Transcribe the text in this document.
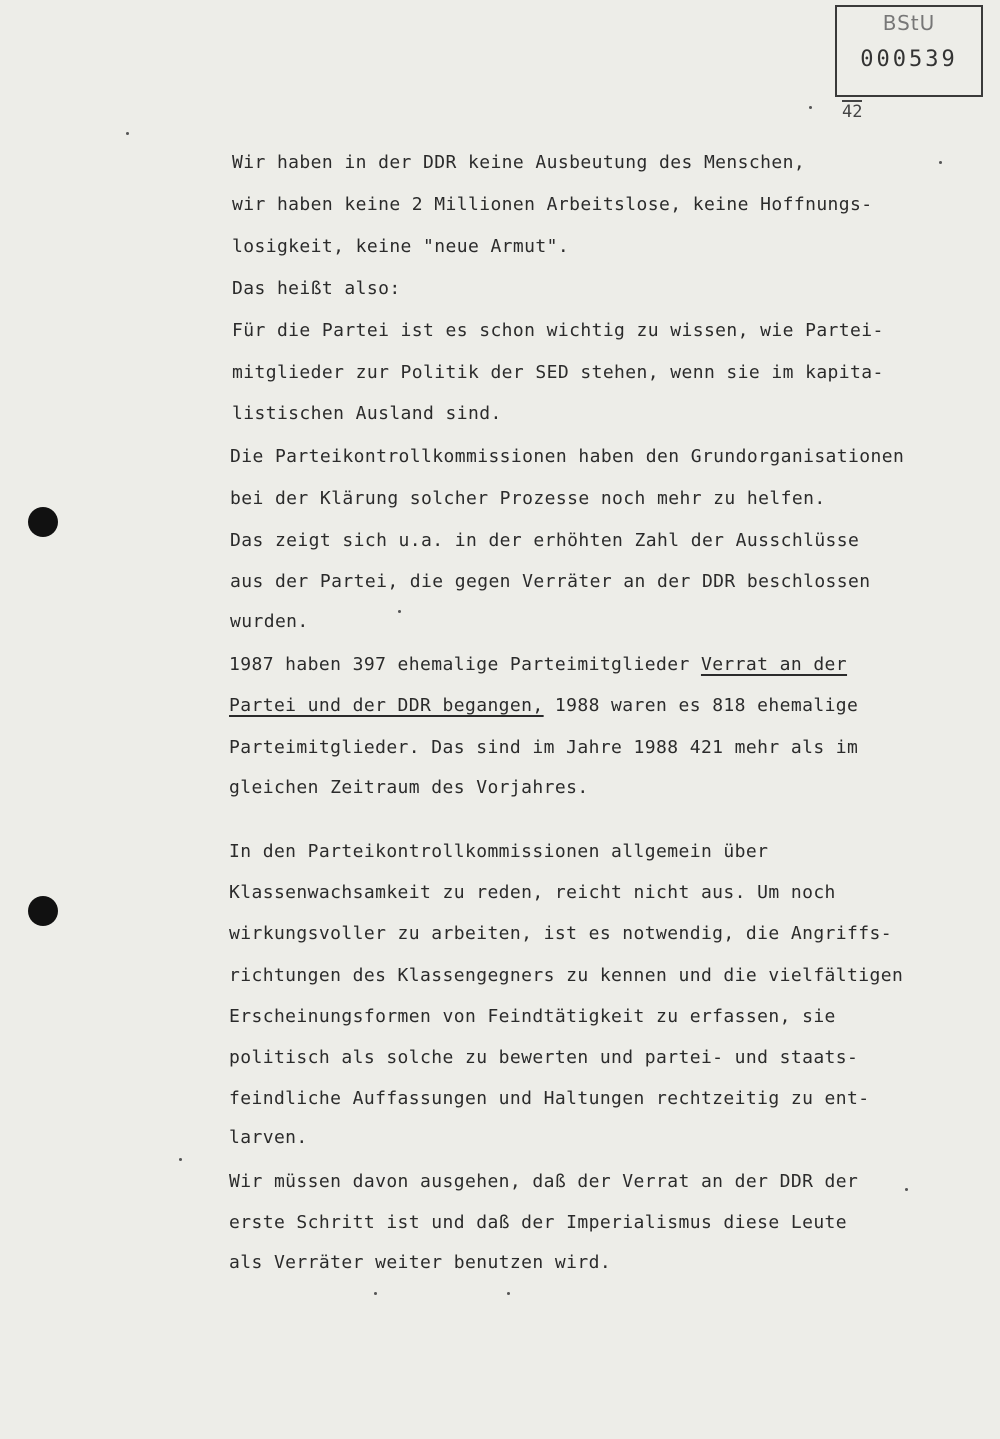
BStU
000539
42
Wir haben in der DDR keine Ausbeutung des Menschen,
wir haben keine 2 Millionen Arbeitslose, keine Hoffnungs-
losigkeit, keine "neue Armut".
Das heißt also:
Für die Partei ist es schon wichtig zu wissen, wie Partei-
mitglieder zur Politik der SED stehen, wenn sie im kapita-
listischen Ausland sind.
Die Parteikontrollkommissionen haben den Grundorganisationen
bei der Klärung solcher Prozesse noch mehr zu helfen.
Das zeigt sich u.a. in der erhöhten Zahl der Ausschlüsse
aus der Partei, die gegen Verräter an der DDR beschlossen
wurden.
1987 haben 397 ehemalige Parteimitglieder Verrat an der
Partei und der DDR begangen, 1988 waren es 818 ehemalige
Parteimitglieder. Das sind im Jahre 1988 421 mehr als im
gleichen Zeitraum des Vorjahres.
In den Parteikontrollkommissionen allgemein über
Klassenwachsamkeit zu reden, reicht nicht aus. Um noch
wirkungsvoller zu arbeiten, ist es notwendig, die Angriffs-
richtungen des Klassengegners zu kennen und die vielfältigen
Erscheinungsformen von Feindtätigkeit zu erfassen, sie
politisch als solche zu bewerten und partei- und staats-
feindliche Auffassungen und Haltungen rechtzeitig zu ent-
larven.
Wir müssen davon ausgehen, daß der Verrat an der DDR der
erste Schritt ist und daß der Imperialismus diese Leute
als Verräter weiter benutzen wird.
